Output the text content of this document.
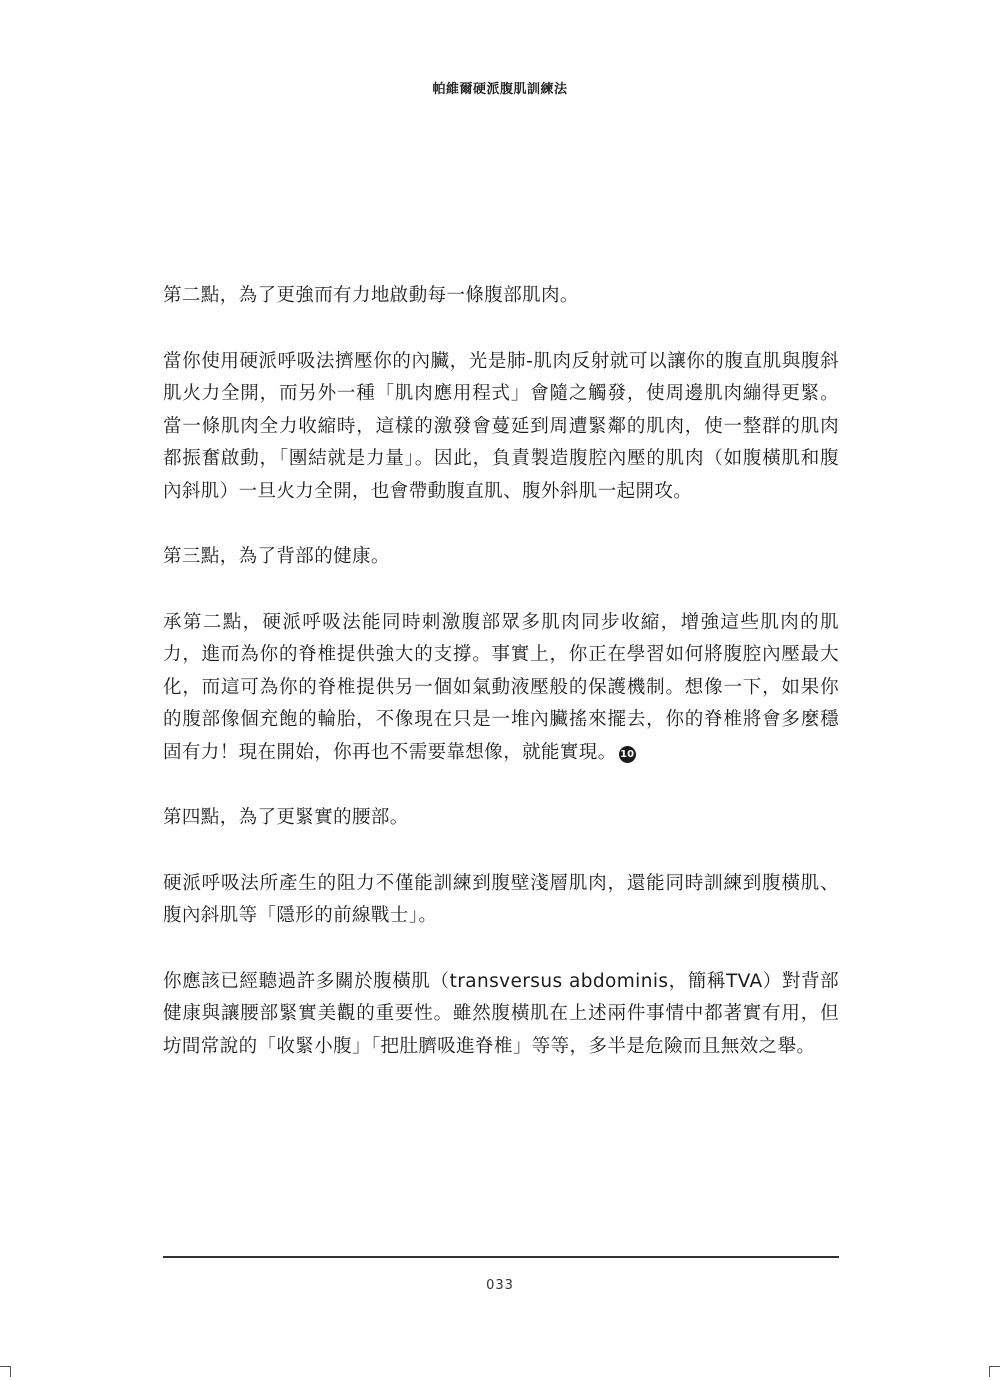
帕維爾硬派腹肌訓練法

第二點，為了更強而有力地啟動每一條腹部肌肉。

當你使用硬派呼吸法擠壓你的內臟，光是肺-肌肉反射就可以讓你的腹直肌與腹斜肌火力全開，而另外一種「肌肉應用程式」會隨之觸發，使周邊肌肉繃得更緊。當一條肌肉全力收縮時，這樣的激發會蔓延到周遭緊鄰的肌肉，使一整群的肌肉都振奮啟動，「團結就是力量」。因此，負責製造腹腔內壓的肌肉（如腹橫肌和腹內斜肌）一旦火力全開，也會帶動腹直肌、腹外斜肌一起開攻。

第三點，為了背部的健康。

承第二點，硬派呼吸法能同時刺激腹部眾多肌肉同步收縮，增強這些肌肉的肌力，進而為你的脊椎提供強大的支撐。事實上，你正在學習如何將腹腔內壓最大化，而這可為你的脊椎提供另一個如氣動液壓般的保護機制。想像一下，如果你的腹部像個充飽的輪胎，不像現在只是一堆內臟搖來擺去，你的脊椎將會多麼穩固有力！現在開始，你再也不需要靠想像，就能實現。 10

第四點，為了更緊實的腰部。

硬派呼吸法所產生的阻力不僅能訓練到腹壁淺層肌肉，還能同時訓練到腹橫肌、腹內斜肌等「隱形的前線戰士」。

你應該已經聽過許多關於腹橫肌（transversus abdominis，簡稱TVA）對背部健康與讓腰部緊實美觀的重要性。雖然腹橫肌在上述兩件事情中都著實有用，但坊間常說的「收緊小腹」「把肚臍吸進脊椎」等等，多半是危險而且無效之舉。

033
